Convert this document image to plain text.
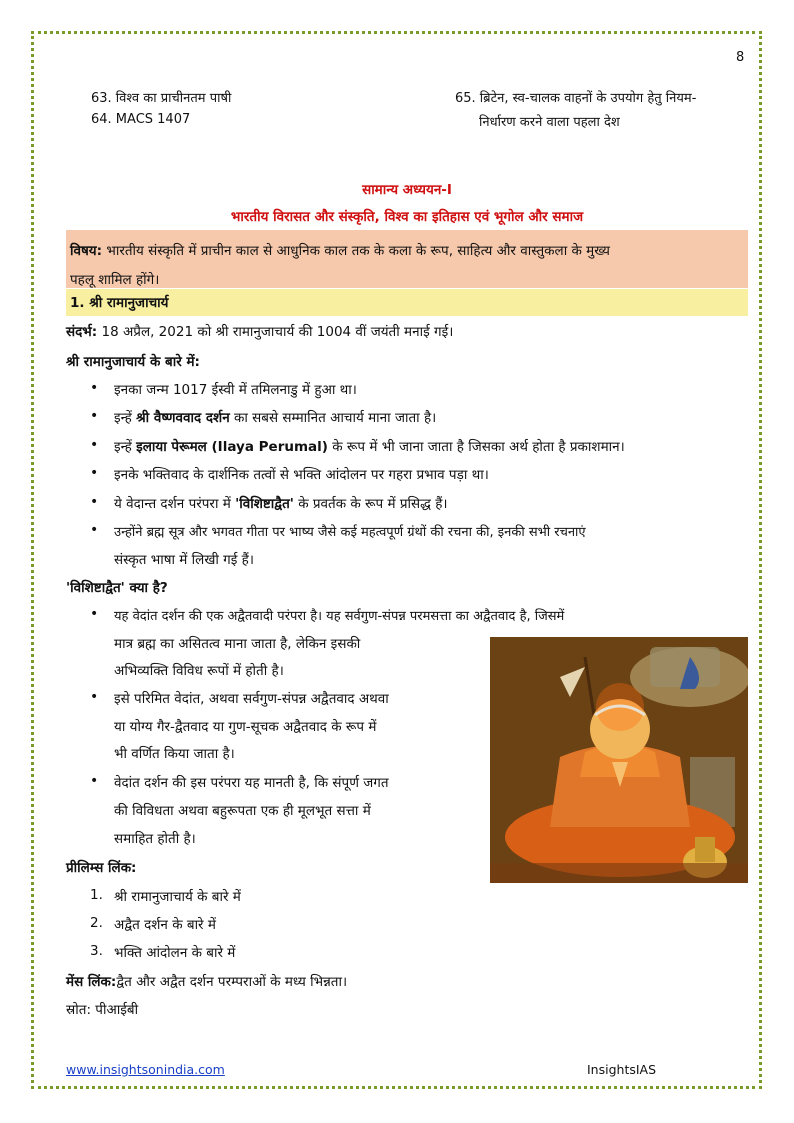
8
63. विश्व का प्राचीनतम पाषी
64. MACS 1407
65. ब्रिटेन, स्व-चालक वाहनों के उपयोग हेतु नियम-
निर्धारण करने वाला पहला देश
सामान्य अध्ययन-I
भारतीय विरासत और संस्कृति, विश्व का इतिहास एवं भूगोल और समाज
विषय: भारतीय संस्कृति में प्राचीन काल से आधुनिक काल तक के कला के रूप, साहित्य और वास्तुकला के मुख्य
पहलू शामिल होंगे।
1. श्री रामानुजाचार्य
संदर्भ: 18 अप्रैल, 2021 को श्री रामानुजाचार्य की 1004 वीं जयंती मनाई गई।
श्री रामानुजाचार्य के बारे में:
• इनका जन्म 1017 ईस्वी में तमिलनाडु में हुआ था।
• इन्हें श्री वैष्णववाद दर्शन का सबसे सम्मानित आचार्य माना जाता है।
• इन्हें इलाया पेरूमल (Ilaya Perumal) के रूप में भी जाना जाता है जिसका अर्थ होता है प्रकाशमान।
• इनके भक्तिवाद के दार्शनिक तत्वों से भक्ति आंदोलन पर गहरा प्रभाव पड़ा था।
• ये वेदान्त दर्शन परंपरा में 'विशिष्टाद्वैत' के प्रवर्तक के रूप में प्रसिद्ध हैं।
• उन्होंने ब्रह्म सूत्र और भगवत गीता पर भाष्य जैसे कई महत्वपूर्ण ग्रंथों की रचना की, इनकी सभी रचनाएं
संस्कृत भाषा में लिखी गई हैं।
'विशिष्टाद्वैत' क्या है?
• यह वेदांत दर्शन की एक अद्वैतवादी परंपरा है। यह सर्वगुण-संपन्न परमसत्ता का अद्वैतवाद है, जिसमें
मात्र ब्रह्म का असितत्व माना जाता है, लेकिन इसकी
अभिव्यक्ति विविध रूपों में होती है।
• इसे परिमित वेदांत, अथवा सर्वगुण-संपन्न अद्वैतवाद अथवा
या योग्य गैर-द्वैतवाद या गुण-सूचक अद्वैतवाद के रूप में
भी वर्णित किया जाता है।
• वेदांत दर्शन की इस परंपरा यह मानती है, कि संपूर्ण जगत
की विविधता अथवा बहुरूपता एक ही मूलभूत सत्ता में
समाहित होती है।
प्रीलिम्स लिंक:
1. श्री रामानुजाचार्य के बारे में
2. अद्वैत दर्शन के बारे में
3. भक्ति आंदोलन के बारे में
मेंस लिंक:द्वैत और अद्वैत दर्शन परम्पराओं के मध्य भिन्नता।
स्रोत: पीआईबी
www.insightsonindia.com	InsightsIAS
